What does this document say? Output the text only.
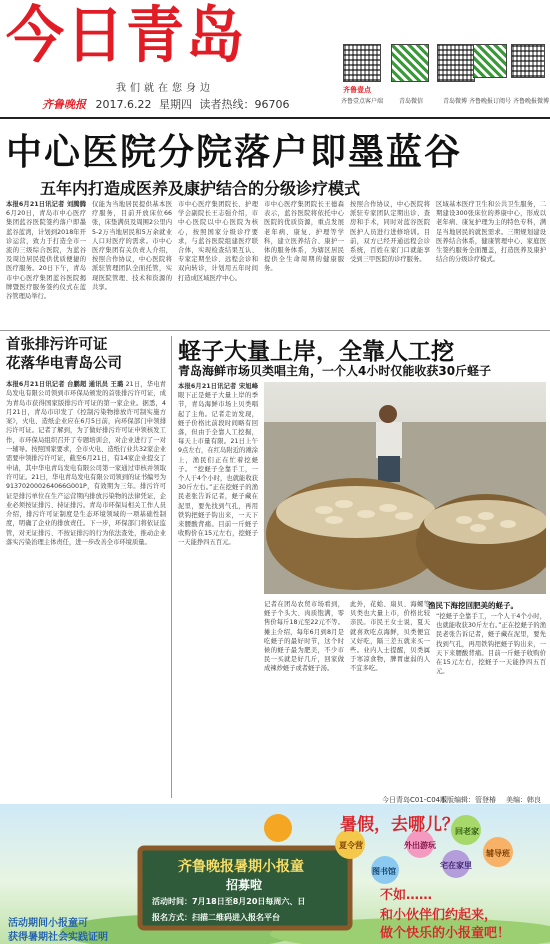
今日青岛
我们就在您身边
齐鲁晚报 2017.6.22 星期四 读者热线：96706	齐鲁壹点客户端
齐鲁壹点
青岛微信	青岛微博 齐鲁晚报订阅号 齐鲁晚报微博
中心医院分院落户即墨蓝谷
五年内打造成医养及康护结合的分级诊疗模式
本报6月21日讯记者 刘腾腾 6月20日，青岛市中心医疗集团蓝谷医院签约落户即墨蓝谷蓝湾，计划到2018年开诊运营，致力于打造全市一流的三级综合医院，为蓝谷及周边居民提供优质便捷的医疗服务。20日下午，青岛市中心医疗集团蓝谷医院揭牌暨医疗服务签约仪式在蓝谷管理局举行。
仅能为当地居民提供基本医疗服务，目前开放床位66张，床垫满员及周围2公里内5-2万当地居民和5万余就业人口对医疗的需求。市中心医疗集团有关负责人介绍，按照合作协议，中心医院将派驻管理团队全面托管，实现医院管理、技术和资源的共享。
市中心医疗集团院长、护理学会副院长王志强介绍，市中心医院以中心医院为核心，按照国家分级诊疗要求，与蓝谷医院组建医疗联合体，实现检查结果互认、专家定期坐诊、远程会诊和双向转诊，计划用五年时间打造成区域医疗中心。
市中心医疗集团院长王德森表示，蓝谷医院将依托中心医院的优质资源，重点发展老年病、康复、护理等学科，建立医养结合、康护一体的服务体系，为辖区居民提供全生命周期的健康服务。
按照合作协议，中心医院将派驻专家团队定期出诊、查房和手术，同时对蓝谷医院医护人员进行进修培训。目前，双方已经开通远程会诊系统，百姓在家门口就能享受到三甲医院的诊疗服务。
区域基本医疗卫生和公共卫生服务，二期建设300张床位的养康中心，形成以老年病、康复护理为主的特色专科，满足当地居民的就医需求。三期规划建设医养结合体系，健康管理中心、家庭医生签约服务全面覆盖，打造医养及康护结合的分级诊疗模式。
首张排污许可证
花落华电青岛公司
本报6月21日讯记者 台鹏超 通讯员 王璐 21日，华电青岛发电有限公司领到市环保局颁发的首张排污许可证，成为青岛市获得国家版排污许可证的第一家企业。据悉，4月21日，青岛市印发了《控制污染物排放许可制实施方案》，火电、造纸企业应在6月5日前，向环保部门申领排污许可证。记者了解到，为了做好排污许可证申领核发工作，市环保局组织召开了专题培训会，对企业进行了一对一辅导。按照国家要求，全市火电、造纸行业共32家企业需要申领排污许可证，截至6月21日，有14家企业提交了申请，其中华电青岛发电有限公司第一家通过审核并领取许可证。21日，华电青岛发电有限公司领到的证书编号为913702000264066G001P，有效期为三年。排污许可证是排污单位在生产运营期内排放污染物的法律凭证，企业必须按证排污、持证排污。青岛市环保局相关工作人员介绍，排污许可证制度是生态环境领域的一项基础性制度，明确了企业的排放责任。下一步，环保部门将依证监管，对无证排污、不按证排污的行为依法查处，推动企业落实污染治理主体责任，进一步改善全市环境质量。
蛏子大量上岸，全靠人工挖
青岛海鲜市场贝类唱主角，一个人4小时仅能收获30斤蛏子
本报6月21日讯记者 宋旭峰 眼下正是蛏子大量上岸的季节，青岛海鲜市场上贝类唱起了主角。记者走访发现，蛏子价格比前段时间略有回落，但由于全靠人工挖掘，每天上市量有限。21日上午9点左右，在红岛附近的滩涂上，渔民们正在忙着挖蛏子。 “挖蛏子全靠手工，一个人干4个小时，也就能收获30斤左右。”正在挖蛏子的渔民老张告诉记者，蛏子藏在泥里，要先找到气孔，再用铁钩把蛏子钩出来，一天下来腰酸背痛。目前一斤蛏子收购价在15元左右，挖蛏子一天能挣四五百元。
渔民下海挖回肥美的蛏子。
记者在团岛农贸市场看到，蛏子个头大、肉质饱满，零售价每斤18元至22元不等。摊主介绍，每年6月到8月是吃蛏子的最好时节，这个时候的蛏子最为肥美，不少市民一买就是好几斤，回家做成辣炒蛏子或者蛏子汤。
此外，花蛤、扇贝、海螺等贝类也大量上市，价格比较亲民。市民王女士说，夏天就喜欢吃点海鲜，贝类便宜又好吃，隔三差五就来买一些。业内人士提醒，贝类属于寒凉食物，脾胃虚弱的人不宜多吃。
“挖蛏子全靠手工，一个人干4个小时，也就能收获30斤左右。”正在挖蛏子的渔民老张告诉记者，蛏子藏在泥里，要先找到气孔，再用铁钩把蛏子钩出来，一天下来腰酸背痛。目前一斤蛏子收购价在15元左右，挖蛏子一天能挣四五百元。
今日青岛C01-C04版
本版编辑：管登椿 美编：韩良
暑假，去哪儿？
齐鲁晚报暑期小报童
招募啦
活动时间：7月18日至8月20日每周六、日
报名方式：扫描二维码进入报名平台
活动期间小报童可
获得暑期社会实践证明
夏令营
图书馆
外出游玩
回老家
辅导班
宅在家里
不如……
和小伙伴们约起来，
做个快乐的小报童吧！
